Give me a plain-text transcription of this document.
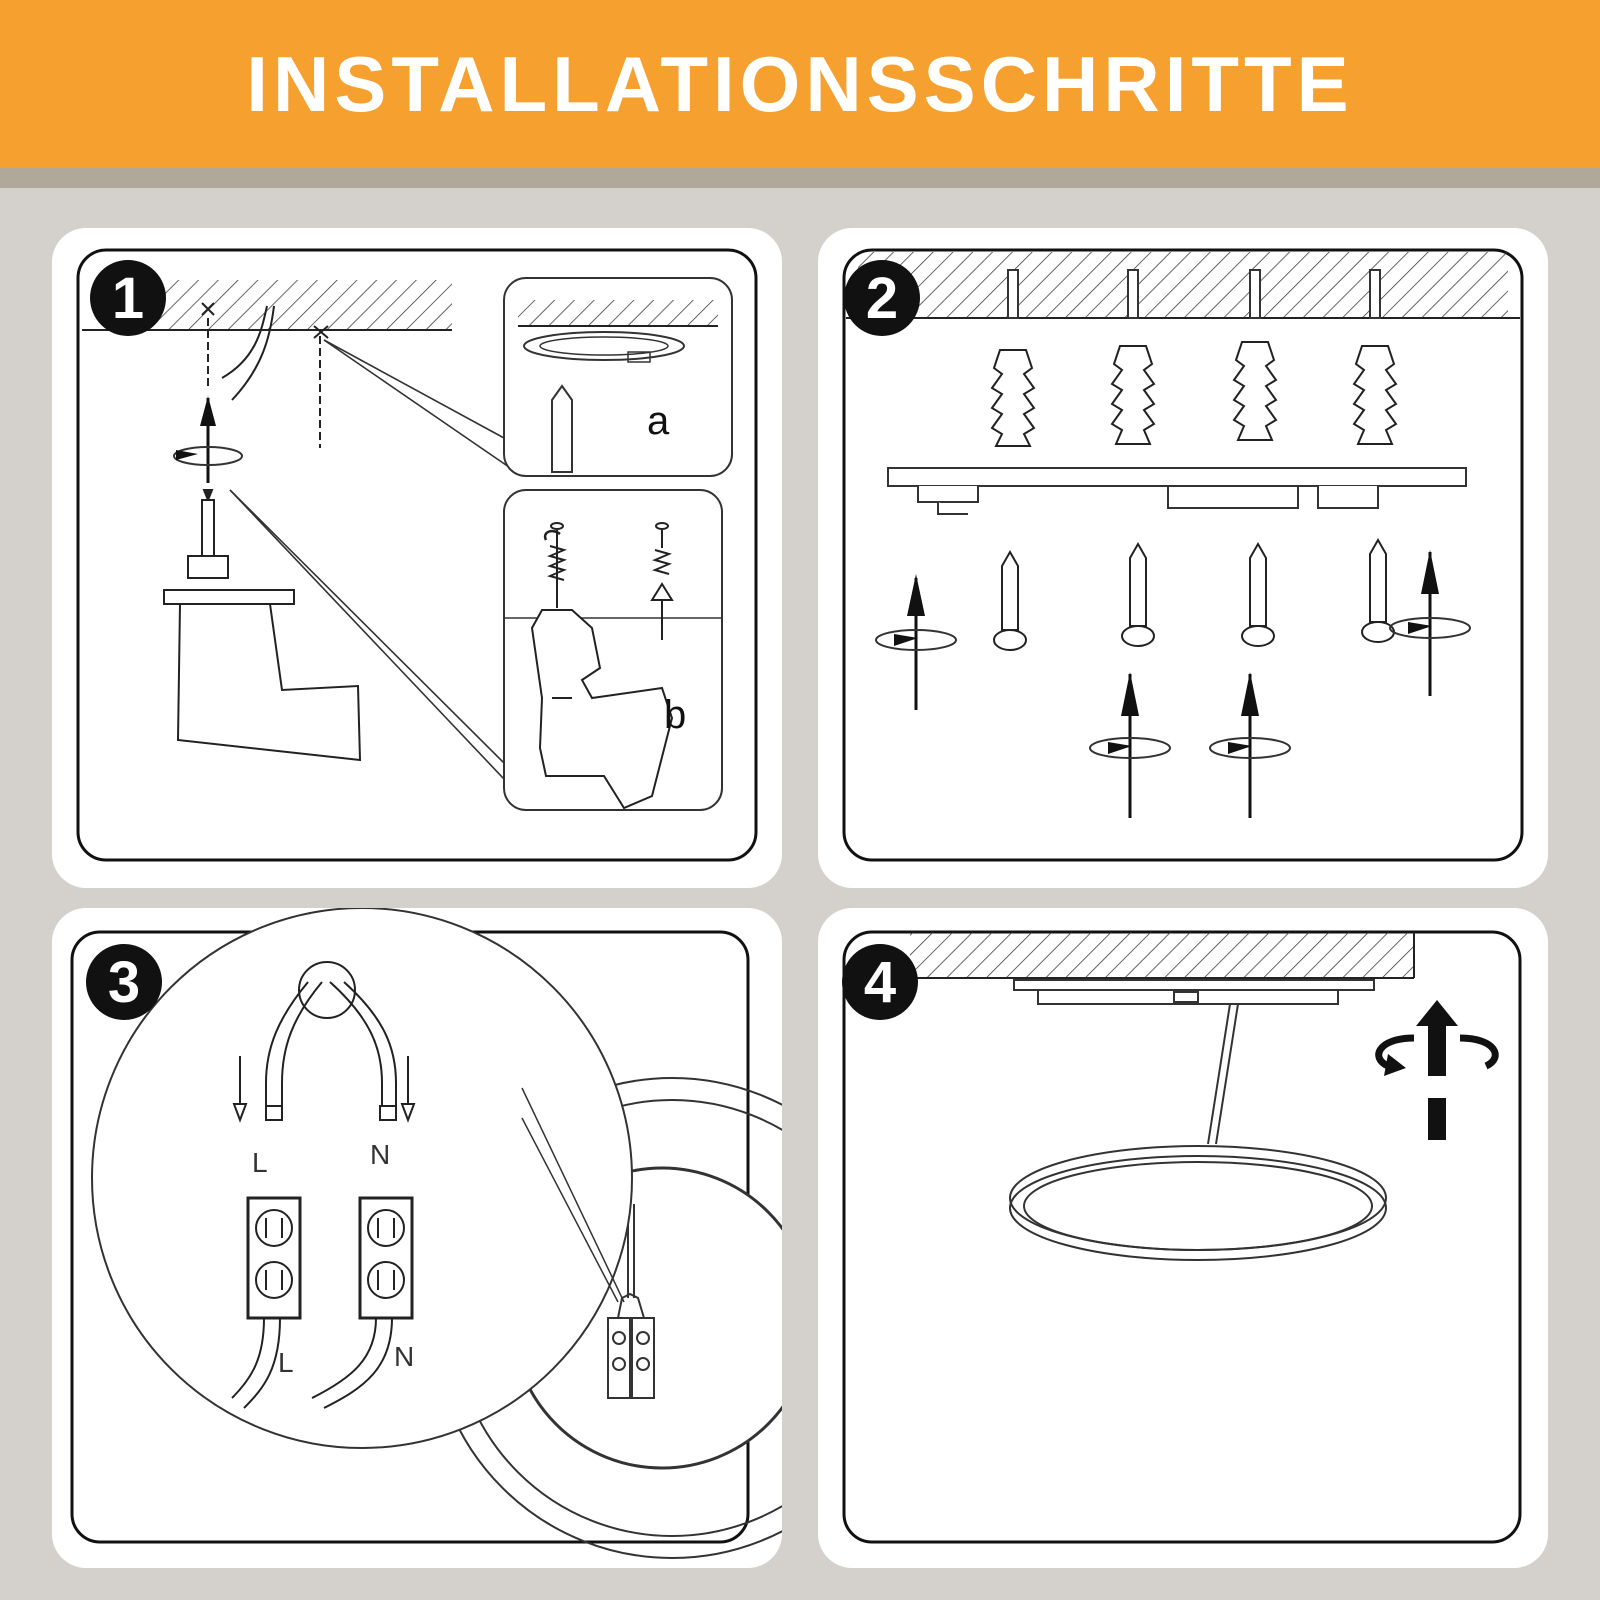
INSTALLATIONSSCHRITTE
a
b
1	2
L	N
L	N
3	4
